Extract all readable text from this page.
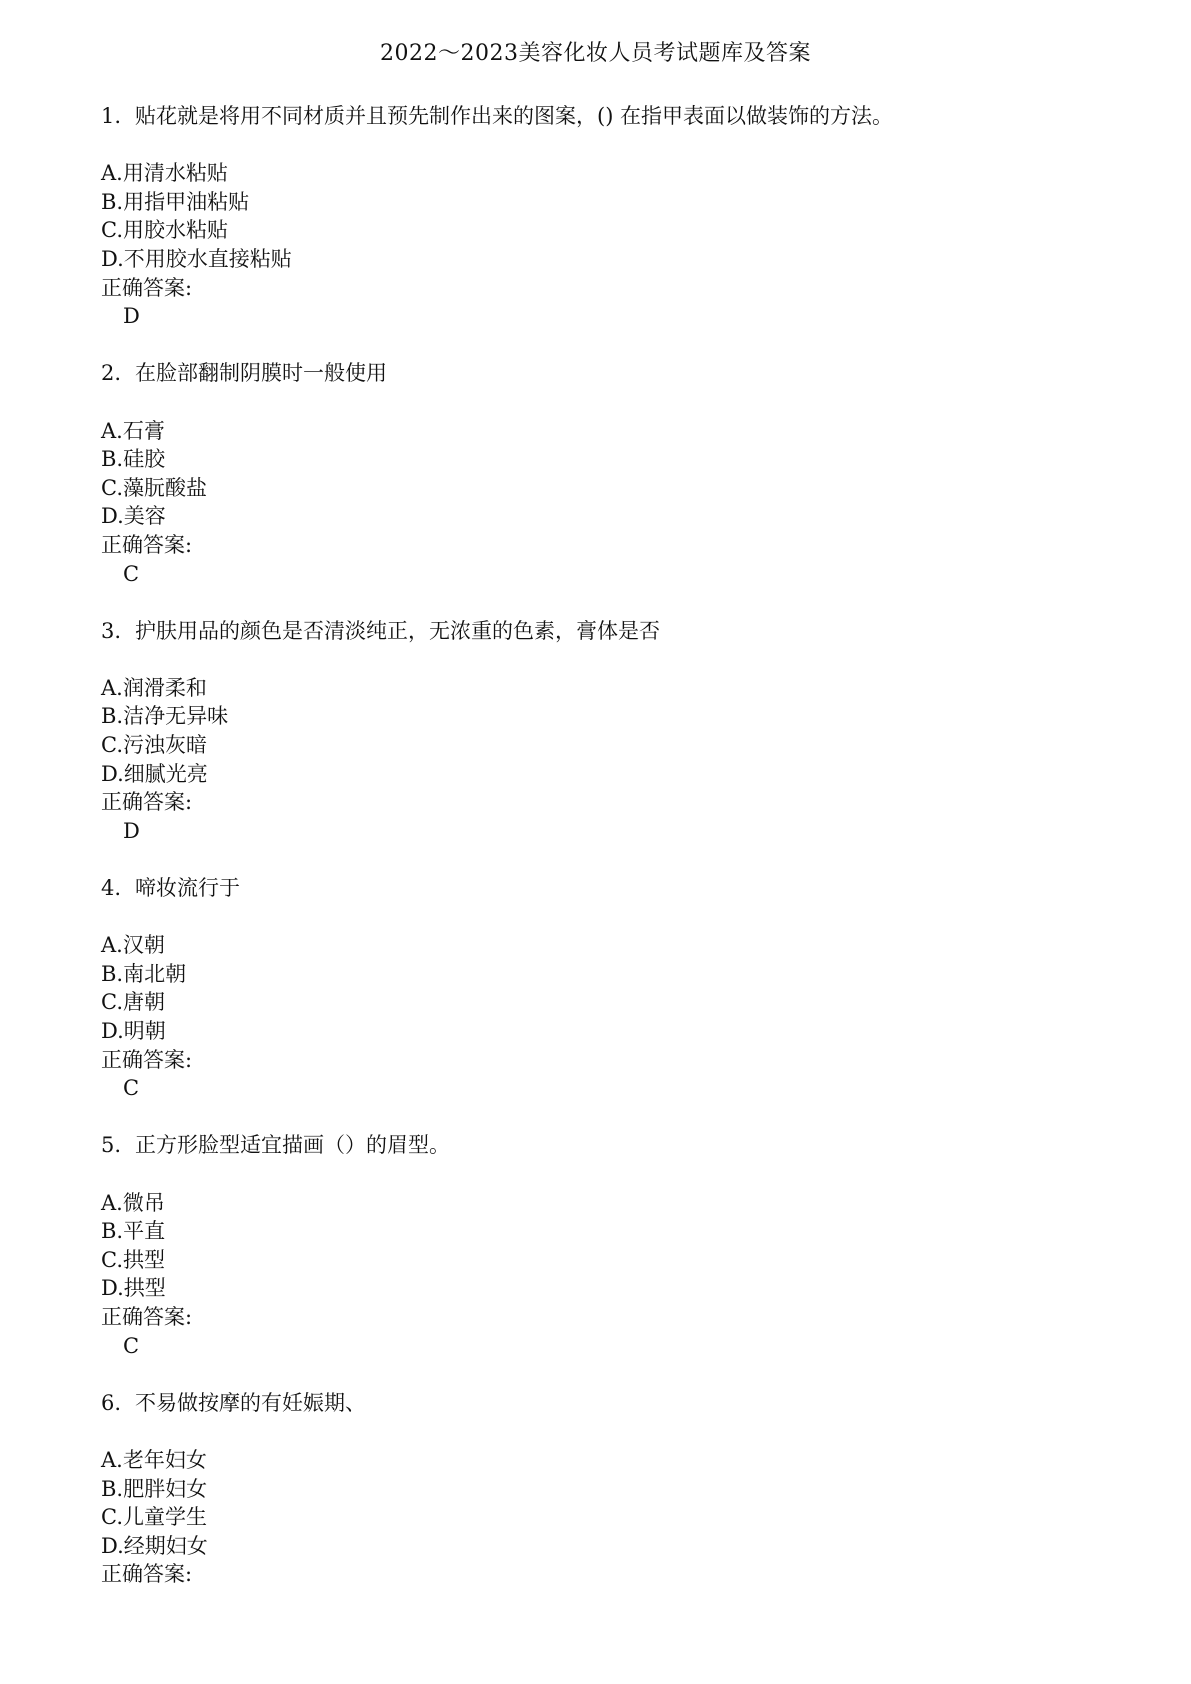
2022～2023美容化妆人员考试题库及答案
1. 贴花就是将用不同材质并且预先制作出来的图案，() 在指甲表面以做装饰的方法。
A.用清水粘贴
B.用指甲油粘贴
C.用胶水粘贴
D.不用胶水直接粘贴
正确答案:
D
2. 在脸部翻制阴膜时一般使用
A.石膏
B.硅胶
C.藻朊酸盐
D.美容
正确答案:
C
3. 护肤用品的颜色是否清淡纯正，无浓重的色素，膏体是否
A.润滑柔和
B.洁净无异味
C.污浊灰暗
D.细腻光亮
正确答案:
D
4. 啼妆流行于
A.汉朝
B.南北朝
C.唐朝
D.明朝
正确答案:
C
5. 正方形脸型适宜描画（）的眉型。
A.微吊
B.平直
C.拱型
D.拱型
正确答案:
C
6. 不易做按摩的有妊娠期、
A.老年妇女
B.肥胖妇女
C.儿童学生
D.经期妇女
正确答案:
